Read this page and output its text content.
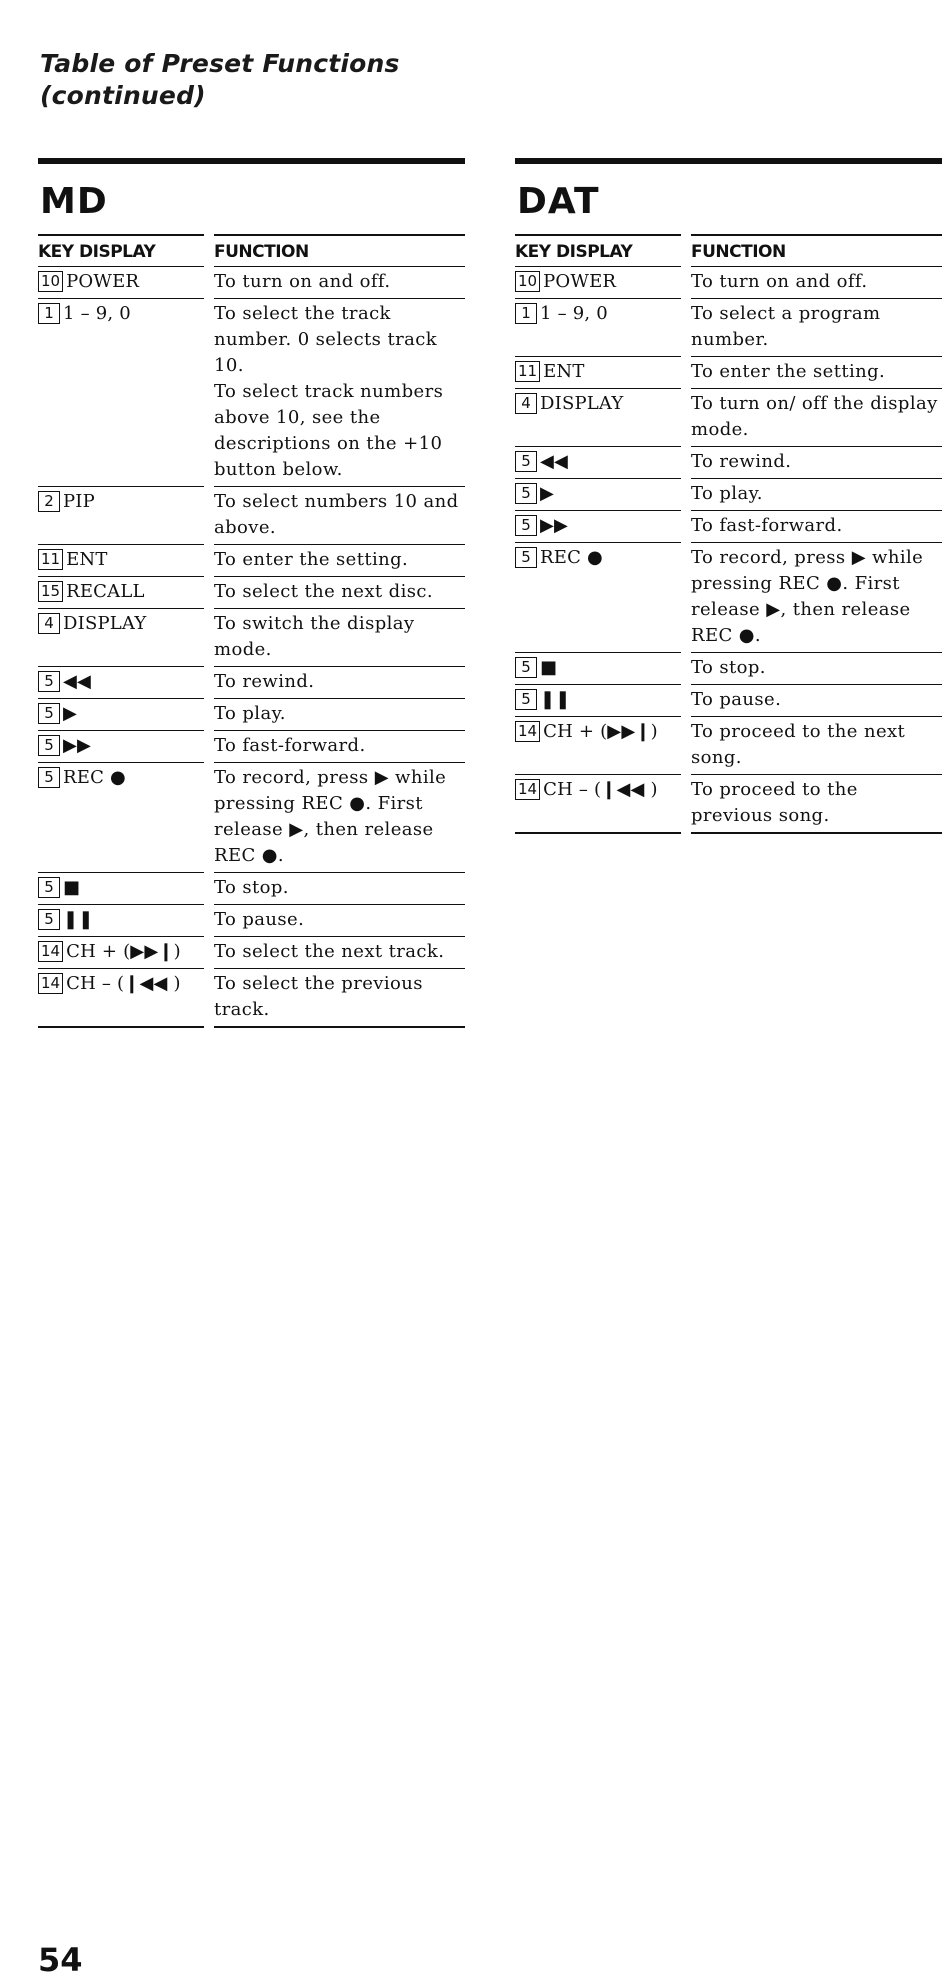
Table of Preset Functions
(continued)
MD
KEY DISPLAY	FUNCTION
10 POWER	To turn on and off.
1 1 – 9, 0	To select the track number. 0 selects track 10.
To select track numbers above 10, see the descriptions on the +10 button below.
2 PIP	To select numbers 10 and above.
11 ENT	To enter the setting.
15 RECALL	To select the next disc.
4 DISPLAY	To switch the display mode.
5 ◀◀	To rewind.
5 ▶	To play.
5 ▶▶	To fast-forward.
5 REC ●	To record, press ▶ while pressing REC ●. First release ▶, then release REC ●.
5 ■	To stop.
5 ❚❚	To pause.
14 CH + (▶▶❙)	To select the next track.
14 CH – (❙◀◀ )	To select the previous track.
DAT
KEY DISPLAY	FUNCTION
10 POWER	To turn on and off.
1 1 – 9, 0	To select a program number.
11 ENT	To enter the setting.
4 DISPLAY	To turn on/ off the display mode.
5 ◀◀	To rewind.
5 ▶	To play.
5 ▶▶	To fast-forward.
5 REC ●	To record, press ▶ while pressing REC ●. First release ▶, then release REC ●.
5 ■	To stop.
5 ❚❚	To pause.
14 CH + (▶▶❙)	To proceed to the next song.
14 CH – (❙◀◀ )	To proceed to the previous song.
54
